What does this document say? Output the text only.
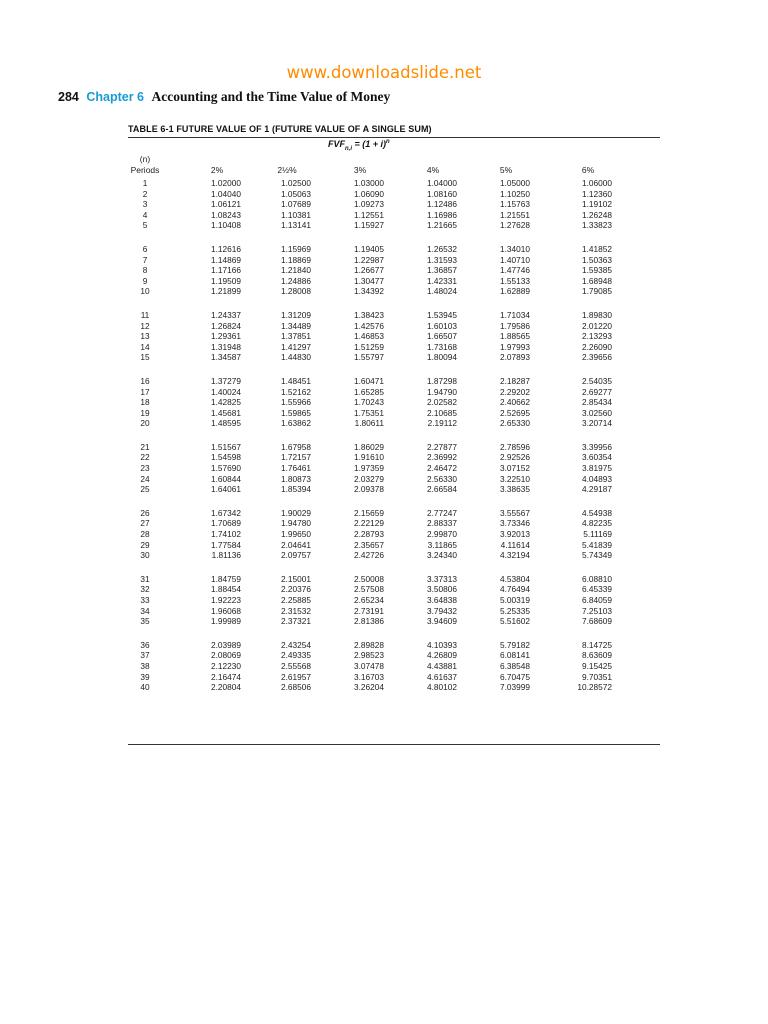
www.downloadslide.net
284 Chapter 6 Accounting and the Time Value of Money
TABLE 6-1 FUTURE VALUE OF 1 (FUTURE VALUE OF A SINGLE SUM)
$FVF_{n,i} = (1 + i)^n$
(n)
Periods	2%	2½%	3%	4%	5%	6%
1	1.02000	1.02500	1.03000	1.04000	1.05000	1.06000
2	1.04040	1.05063	1.06090	1.08160	1.10250	1.12360
3	1.06121	1.07689	1.09273	1.12486	1.15763	1.19102
4	1.08243	1.10381	1.12551	1.16986	1.21551	1.26248
5	1.10408	1.13141	1.15927	1.21665	1.27628	1.33823
6	1.12616	1.15969	1.19405	1.26532	1.34010	1.41852
7	1.14869	1.18869	1.22987	1.31593	1.40710	1.50363
8	1.17166	1.21840	1.26677	1.36857	1.47746	1.59385
9	1.19509	1.24886	1.30477	1.42331	1.55133	1.68948
10	1.21899	1.28008	1.34392	1.48024	1.62889	1.79085
11	1.24337	1.31209	1.38423	1.53945	1.71034	1.89830
12	1.26824	1.34489	1.42576	1.60103	1.79586	2.01220
13	1.29361	1.37851	1.46853	1.66507	1.88565	2.13293
14	1.31948	1.41297	1.51259	1.73168	1.97993	2.26090
15	1.34587	1.44830	1.55797	1.80094	2.07893	2.39656
16	1.37279	1.48451	1.60471	1.87298	2.18287	2.54035
17	1.40024	1.52162	1.65285	1.94790	2.29202	2.69277
18	1.42825	1.55966	1.70243	2.02582	2.40662	2.85434
19	1.45681	1.59865	1.75351	2.10685	2.52695	3.02560
20	1.48595	1.63862	1.80611	2.19112	2.65330	3.20714
21	1.51567	1.67958	1.86029	2.27877	2.78596	3.39956
22	1.54598	1.72157	1.91610	2.36992	2.92526	3.60354
23	1.57690	1.76461	1.97359	2.46472	3.07152	3.81975
24	1.60844	1.80873	2.03279	2.56330	3.22510	4.04893
25	1.64061	1.85394	2.09378	2.66584	3.38635	4.29187
26	1.67342	1.90029	2.15659	2.77247	3.55567	4.54938
27	1.70689	1.94780	2.22129	2.88337	3.73346	4.82235
28	1.74102	1.99650	2.28793	2.99870	3.92013	5.11169
29	1.77584	2.04641	2.35657	3.11865	4.11614	5.41839
30	1.81136	2.09757	2.42726	3.24340	4.32194	5.74349
31	1.84759	2.15001	2.50008	3.37313	4.53804	6.08810
32	1.88454	2.20376	2.57508	3.50806	4.76494	6.45339
33	1.92223	2.25885	2.65234	3.64838	5.00319	6.84059
34	1.96068	2.31532	2.73191	3.79432	5.25335	7.25103
35	1.99989	2.37321	2.81386	3.94609	5.51602	7.68609
36	2.03989	2.43254	2.89828	4.10393	5.79182	8.14725
37	2.08069	2.49335	2.98523	4.26809	6.08141	8.63609
38	2.12230	2.55568	3.07478	4.43881	6.38548	9.15425
39	2.16474	2.61957	3.16703	4.61637	6.70475	9.70351
40	2.20804	2.68506	3.26204	4.80102	7.03999	10.28572
